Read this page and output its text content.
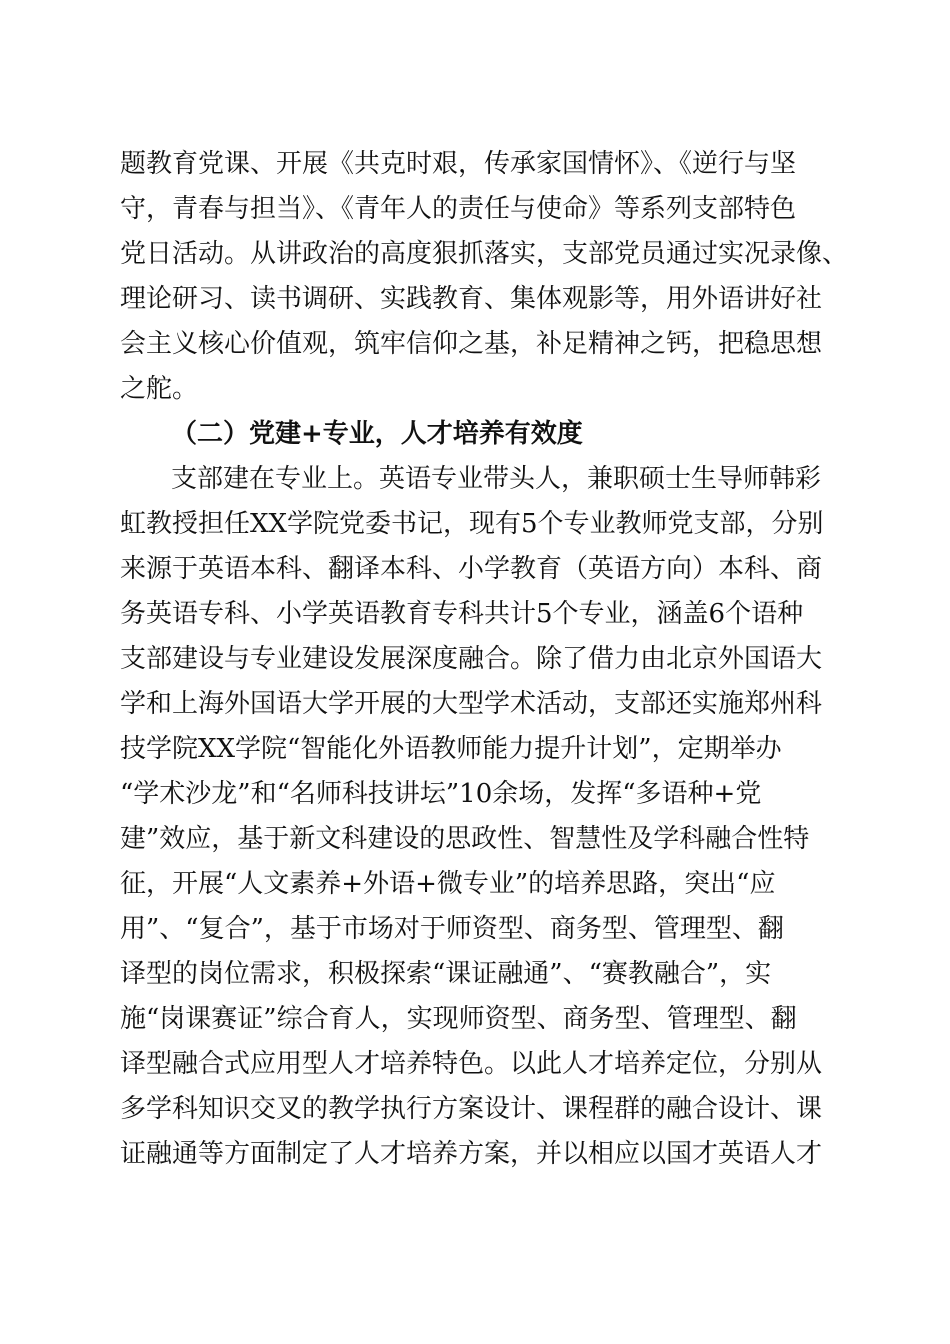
题教育党课、开展《共克时艰，传承家国情怀》、《逆行与坚
守，青春与担当》、《青年人的责任与使命》等系列支部特色
党日活动。从讲政治的高度狠抓落实，支部党员通过实况录像、
理论研习、读书调研、实践教育、集体观影等，用外语讲好社
会主义核心价值观，筑牢信仰之基，补足精神之钙，把稳思想
之舵。
（二）党建+专业，人才培养有效度
支部建在专业上。英语专业带头人，兼职硕士生导师韩彩
虹教授担任XX学院党委书记，现有5个专业教师党支部，分别
来源于英语本科、翻译本科、小学教育（英语方向）本科、商
务英语专科、小学英语教育专科共计5个专业，涵盖6个语种
支部建设与专业建设发展深度融合。除了借力由北京外国语大
学和上海外国语大学开展的大型学术活动，支部还实施郑州科
技学院XX学院“智能化外语教师能力提升计划”，定期举办
“学术沙龙”和“名师科技讲坛”10余场，发挥“多语种+党
建”效应，基于新文科建设的思政性、智慧性及学科融合性特
征，开展“人文素养+外语+微专业”的培养思路，突出“应
用”、“复合”，基于市场对于师资型、商务型、管理型、翻
译型的岗位需求，积极探索“课证融通”、“赛教融合”，实
施“岗课赛证”综合育人，实现师资型、商务型、管理型、翻
译型融合式应用型人才培养特色。以此人才培养定位，分别从
多学科知识交叉的教学执行方案设计、课程群的融合设计、课
证融通等方面制定了人才培养方案，并以相应以国才英语人才
